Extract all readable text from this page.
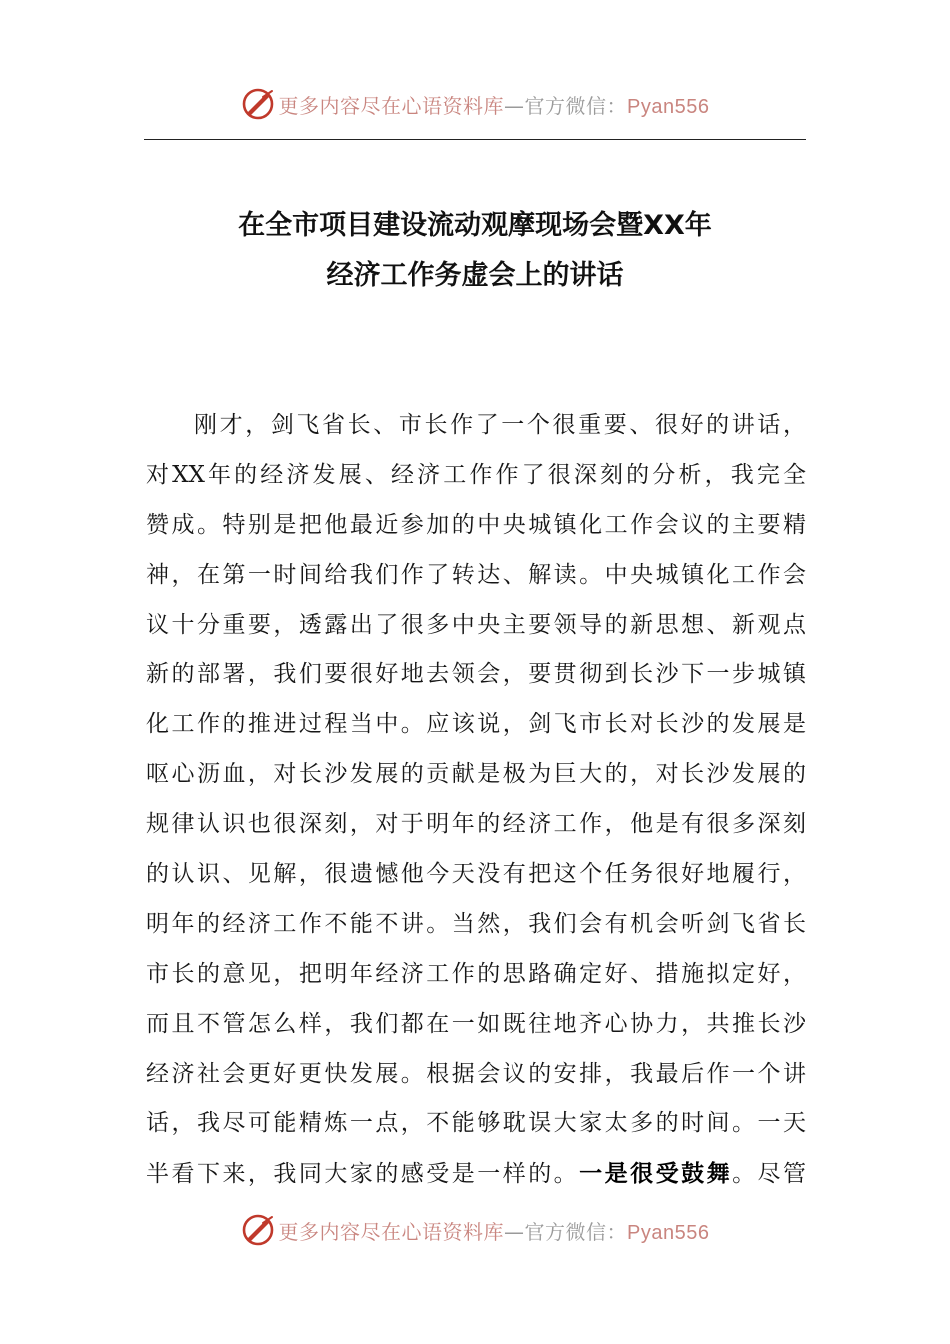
更多内容尽在心语资料库—官方微信：Pyan556
在全市项目建设流动观摩现场会暨XX年
经济工作务虚会上的讲话
刚才，剑飞省长、市长作了一个很重要、很好的讲话，
对XX年的经济发展、经济工作作了很深刻的分析，我完全
赞成。特别是把他最近参加的中央城镇化工作会议的主要精
神，在第一时间给我们作了转达、解读。中央城镇化工作会
议十分重要，透露出了很多中央主要领导的新思想、新观点
新的部署，我们要很好地去领会，要贯彻到长沙下一步城镇
化工作的推进过程当中。应该说，剑飞市长对长沙的发展是
呕心沥血，对长沙发展的贡献是极为巨大的，对长沙发展的
规律认识也很深刻，对于明年的经济工作，他是有很多深刻
的认识、见解，很遗憾他今天没有把这个任务很好地履行，
明年的经济工作不能不讲。当然，我们会有机会听剑飞省长
市长的意见，把明年经济工作的思路确定好、措施拟定好，
而且不管怎么样，我们都在一如既往地齐心协力，共推长沙
经济社会更好更快发展。根据会议的安排，我最后作一个讲
话，我尽可能精炼一点，不能够耽误大家太多的时间。一天
半看下来，我同大家的感受是一样的。一是很受鼓舞。尽管
更多内容尽在心语资料库—官方微信：Pyan556
